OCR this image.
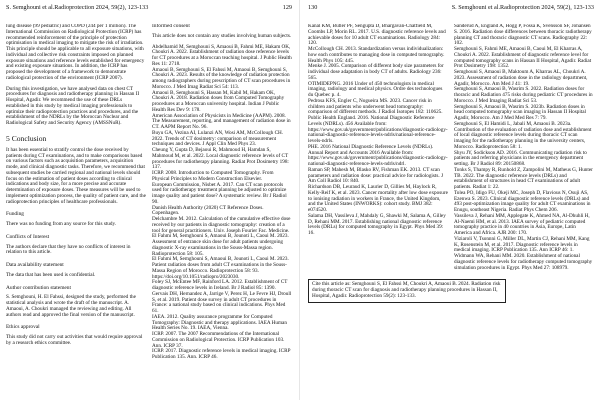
S. Semghouni et al.Radioprotection 2024, 59(2), 123-133	129

lung disease (99 pediatric) and COPD (244 per 1 million). The International Commission on Radiological Protection (ICRP) has recommended reinforcement of the principle of protection optimisation in medical imaging to mitigate the risk of irradiation. This principle should be applicable to all exposure situations, with individual and collective risk constraints imposed on planned exposure situations and reference levels established for emergency and existing exposure situations. In addition, the ICRP has proposed the development of a framework to demonstrate radiological protection of the environment (ICRP 2007).

During this investigation, we have analysed data on chest CT procedures for diagnosis and radiotherapy planning in Hassan II Hospital, Agadir. We recommend the use of these DRLs established in this study by medical imaging professionals to optimize their radioprotection practices and procedures, and the establishment of the NDRLs by the Moroccan Nuclear and Radiological Safety and Security Agency (AMSSNuR).

5 Conclusion

It has been essential to stratify control the dose received by patients during CT examinations, and to make comparisons based on various factors such as acquisition parameters, acquisition mode, and clinical diagnostic tasks. Therefore, we recommend that subsequent studies be carried regional and national levels should focus on the estimation of patient doses according to clinical indications and body size, for a more precise and accurate determination of exposure doses. These measures will be used to implement optimization process, the quality of patient care, and the radioprotection principles of healthcare professionals.

Funding

There was no funding from any source for this study.

Conflicts of Interest

The authors declare that they have no conflicts of interest in relation to this article.

Data availability statement

The data that has been used is confidential.

Author contribution statement

S. Semghouni, H. El Fahssi, designed the study, performed the statistical analysis and wrote the draft of the manuscript. A. Amaoui, A. Choukri managed the reviewing and editing. All authors read and approved the final version of the manuscript.

Ethics approval

This study did not carry out activities that would require approval by a research ethics committee.

Informed consent

This article does not contain any studies involving human subjects.

Abdelhamid M, Semghouni S, Amaoui B, Fahmi ME, Hakam OK, Choukri A. 2022. Establishment of radiation dose reference levels for CT procedures at a Moroccan teaching hospital. J Public Health Res 11: 2718.
Amaoui B, Semghouni S, El Fahssi M, Amaoui B, Semghouni S, Choukri A. 2023. Results of the knowledge of radiation protection among radiographers during prescription of CT scan procedures in Morocco. J Med Imag Radiat Sci 54: 113.
Amaoui B, Semghouni S, Hassan M, Kabil M, Hakam OK, Choukri A. 2018. Radiation doses from Computed Tomography procedures at a Moroccan university hospital. Indian J Public Health Res Dev 9: 178.
American Association of Physicists in Medicine (AAPM). 2008. The Measurement, reporting, and management of radiation dose in CT. AAPM Report No. 96.
Buyu GA, Vezina AI, Lulanzi AN, Wosi AM, McCollough CH. 2022. Trends of CT dosimetry: comparison of measurement techniques and devices. J Appl Clin Med Phys 23.
Cheung Y, Gupta D, Bejaoui R, Mahmoud H, Hamdan S, Mahmoud M, et al. 2022. Local diagnostic reference levels of CT procedures for radiotherapy planning. Radiat Prot Dosimetry 198: 137.
ICRP. 2008. Introduction to Computed Tomography. From Physical Principles to Modern Construction Elsevier.
European Commission, Nisbet A. 2017. Can CT scan protocols used for radiotherapy treatment planning be adjusted to optimize image quality and patient dose? A systematic review. Br J Radiol 90.
Danish Health Authority (2020) CT Reference Doses. Copenhagen.
Delchambre M. 2012. Calculation of the cumulative effective dose received by our patients in diagnostic tomography: creation of a tool for general practitioners. Univ. Joseph Fourier Fac. Medicine.
El Fahmi M, Semghouni S, Amaoui B, Jounoti L, Caoui M. 2023. Assessment of entrance skin dose for adult patients undergoing diagnostic X-ray examinations in the Souss-Massa region. Radioprotection 58: 105.
El Fahmi M, Semghouni S, Amaoui B, Jounoti L, Caoui M. 2023. Patient radiation doses from adult CT examinations in the Souss-Massa Region of Morocco. Radioprotection 58: 93. https://doi.org/10.1051/radiopro/2023030.
Foley SJ, McEntee MF, Rainford LA. 2012. Establishment of CT diagnostic reference levels in Ireland. Br J Radiol 85: 1390.
Gervais DH, Hernandez A, Jarrige V, Perez H, Le Fevre HJ, Droull S, et al. 2019. Patient dose survey in adult CT procedures in France: a national study based on clinical indications. Phys Med 61.
IAEA. 2012. Quality assurance programme for Computed Tomography: Diagnostic and therapy applications. IAEA Human Health Series No. 19. IAEA, Vienna.
ICRP. 2007. The 2007 Recommendations of the International Commission on Radiological Protection. ICRP Publication 103. Ann. ICRP 37.
ICRP. 2017. Diagnostic reference levels in medical imaging. ICRP Publication 135. Ann. ICRP 46.
130	S. Semghouni et al.Radioprotection 2024, 59(2), 123-133
Kanal KM, Butler PF, Sengupta D, Bhargavan-Chatfield M, Coombs LP, Morin RL. 2017. U.S. diagnostic reference levels and achievable doses for 10 adult CT examinations. Radiology 284: 120.
McCollough CH. 2013. Standardization versus individualization: how each contributes to managing dose in computed tomography. Health Phys 105: 445.
Menke J. 2005. Comparison of different body size parameters for individual dose adaptation in body CT of adults. Radiology 236: 565.
OTIMIDEPNG. 2016 Under of 450 technologists in medical imaging, radiology and medical physics. Ordre des technologues du Quebec p. 4.
Pedrosa KFS, Engler C, Nogueira MS. 2023. Cancer risk in children and patients who underwent head tomography: comparison of different methods. J Radiol Isotopes 182: 110625.
Public Health England. 2016. National Diagnostic Reference Levels (NDRLs). 456 Available from: https://www.gov.uk/government/publications/diagnostic-radiology-national-diagnostic-reference-levels-ndrls/national-reference-levels-ndrls.
PHE. 2016 National Diagnostic Reference Levels (NDRLs). Annual Report and Accounts 2016 Available from: https://www.gov.uk/government/publications/diagnostic-radiology-national-diagnostic-reference-levels-ndrls/ndrl.
Raman SP, Mahesh M, Blasko RV, Fishman EK. 2013. CT scan parameters and radiation dose: practical advice for radiologists. J Am Coll Radiol 10: 840.
Richardson DB, Leuraud K, Laurier D, Gillies M, Haylock R, Kelly-Reif K, et al. 2023. Cancer mortality after low dose exposure to ionising radiation in workers in France, the United Kingdom, and the United States (INWORKS): cohort study. BMJ 382: e074520.
Salama DH, Vassileva J, Mahdaly G, Shawki M, Salama A, Gilley D, Rehani MM. 2017. Establishing national diagnostic reference levels (DRLs) for computed tomography in Egypt. Phys Med 39: 16.
Sanderud A, England A, Hogg P, Fossa K, Svensson SF, Johansen S. 2016. Radiation dose differences between thoracic radiotherapy planning CT and thoracic diagnostic CT scans. Radiography 22: 102.
Semghouni S, Fahmi ME, Amaoui B, Caoui M, El Kharras A, Choukri A. 2022. Establishment of diagnostic reference level for computed tomography scans in Hassan II Hospital, Agadir. Radiat Prot Dosimetry 198: 1352.
Semghouni S, Amaoui B, Maktoum A, Kharras AL, Choukri A. 2023. Assessment of radiation dose in the radiology department, Agadir, Morocco. Am Med J 41: 19.
Semghouni S, Amaoui B, Wasrim S. 2022. Radiation doses for thoracic and Radiation 475 risks during pediatric CT procedures in Morocco. J Med Imaging Radiat Sci 53.
Semghouni S, Amaoui B, Wasrim S. 2023b. Radiation doses in head computed tomography scan imaging in Hassan II Hospital Agadir, Morocco. Am J Med Med Res 7: 79.
Semghouni S, El Hamidi L, Jabali M, Amaoui B. 2023a. Contribution of the evaluation of radiation dose and establishment of local diagnostic reference levels during thoracic CT scan imaging for the radiotherapy planning in the university centers, Morocco. Radioprotection 58: 1.
Shyu JY, Sodickson AD. 2016. Communicating radiation risk to patients and referring physicians in the emergency department setting. Br J Radiol 89: 20150868.
Tonks S, Thampy R, Runhold Z, Zampolini M, Matheus G, Hunter TB. 2022. The diagnostic reference levels (DRLs) and establishment of structures in head CT examinations of adult patients. Radiat 1: 22.
Tolea PO, Idigo FU, Okeji MC, Joseph D, Flavious N, Osuji AS, Ezenwa S. 2023. Clinical diagnostic reference levels (DRLs) and 493 post-optimization image quality for adult CT examinations in Enugu, southeast Nigeria. Radiat Phys Chem 206.
Vassileva J, Rehani MM, Applegate K, Ahmed NA, Al-Dhuhli H, Al-Naemi HM, et al. 2013. IAEA survey of pediatric computed tomography practice in 40 countries in Asia, Europe, Latin America and Africa. AJR 200: 170.
Viziaroli V, Tsonnni G, Miller DL, Martin CJ, Rehani MM, Kang K, Rosenstein M, et al. 2017. Diagnostic reference levels in medical imaging. ICRP Publication 135. Ann ICRP 46: 1.
Widmann WA, Rehani MM. 2020. Establishment of national diagnostic reference levels for radiotherapy computed tomography simulation procedures in Egypt. Phys Med 27: 108979.
Cite this article as: Semghouni S, El Fahssi M, Choukri A, Amaoui B. 2024. Radiation risk during thoracic CT scan for diagnosis and radiotherapy planning procedures in Hassan II, Hospital, Agadir. Radioprotection 59(2): 123-133.
